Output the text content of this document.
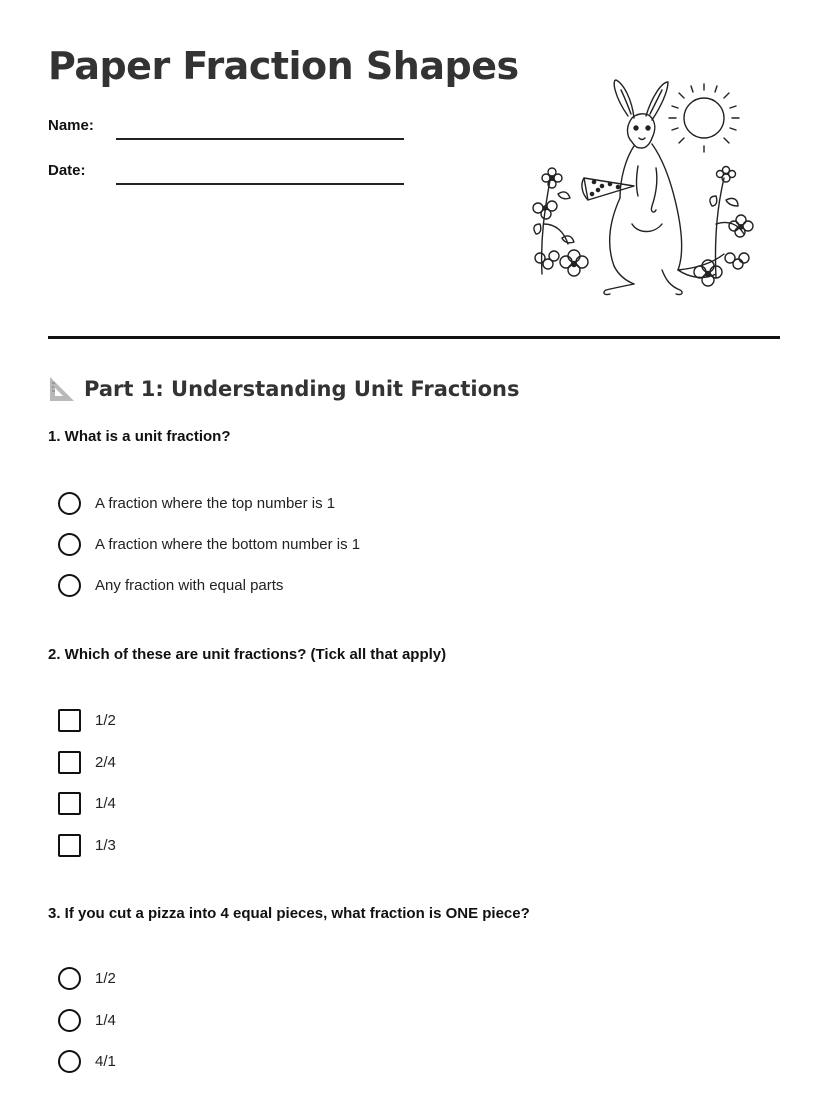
Paper Fraction Shapes
Name:
Date:
Part 1: Understanding Unit Fractions
1. What is a unit fraction?
A fraction where the top number is 1
A fraction where the bottom number is 1
Any fraction with equal parts
2. Which of these are unit fractions? (Tick all that apply)
1/2
2/4
1/4
1/3
3. If you cut a pizza into 4 equal pieces, what fraction is ONE piece?
1/2
1/4
4/1
